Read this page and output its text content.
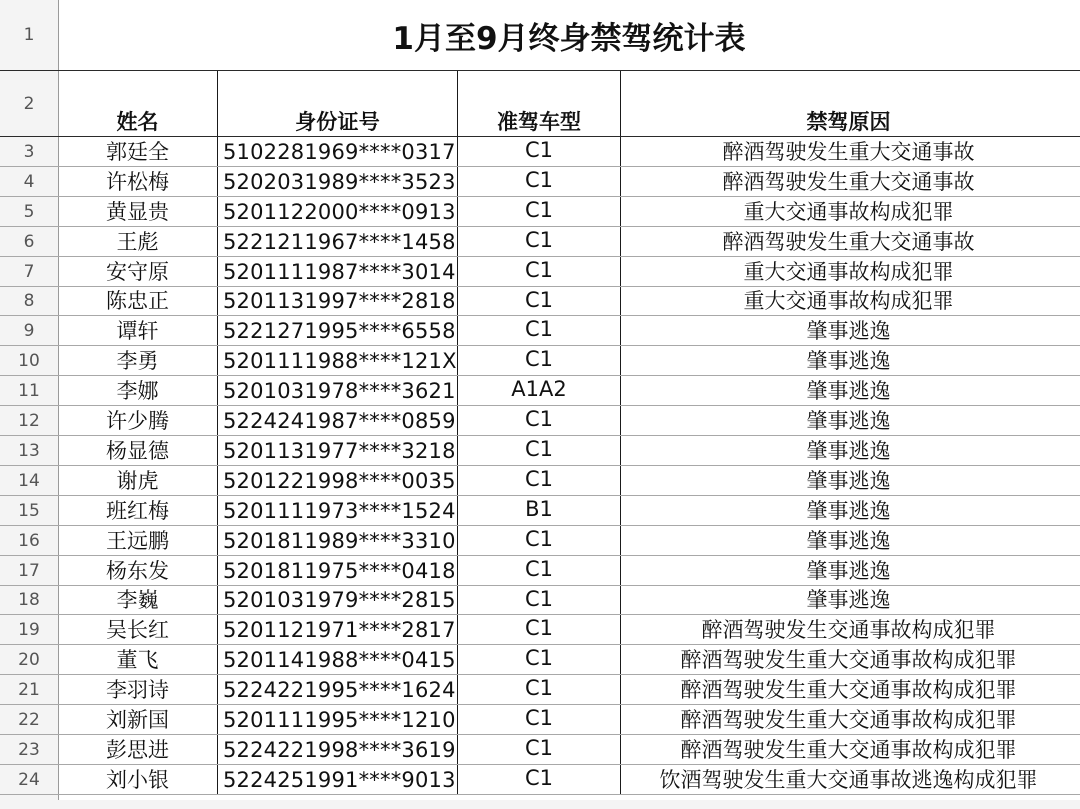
1	1月至9月终身禁驾统计表
2
姓名	身份证号	准驾车型	禁驾原因
3	郭廷全	5102281969****0317	C1	醉酒驾驶发生重大交通事故
4	许松梅	5202031989****3523	C1	醉酒驾驶发生重大交通事故
5	黄显贵	5201122000****0913	C1	重大交通事故构成犯罪
6	王彪	5221211967****1458	C1	醉酒驾驶发生重大交通事故
7	安守原	5201111987****3014	C1	重大交通事故构成犯罪
8	陈忠正	5201131997****2818	C1	重大交通事故构成犯罪
9	谭轩	5221271995****6558	C1	肇事逃逸
10	李勇	5201111988****121X	C1	肇事逃逸
11	李娜	5201031978****3621	A1A2	肇事逃逸
12	许少腾	5224241987****0859	C1	肇事逃逸
13	杨显德	5201131977****3218	C1	肇事逃逸
14	谢虎	5201221998****0035	C1	肇事逃逸
15	班红梅	5201111973****1524	B1	肇事逃逸
16	王远鹏	5201811989****3310	C1	肇事逃逸
17	杨东发	5201811975****0418	C1	肇事逃逸
18	李巍	5201031979****2815	C1	肇事逃逸
19	吴长红	5201121971****2817	C1	醉酒驾驶发生交通事故构成犯罪
20	董飞	5201141988****0415	C1	醉酒驾驶发生重大交通事故构成犯罪
21	李羽诗	5224221995****1624	C1	醉酒驾驶发生重大交通事故构成犯罪
22	刘新国	5201111995****1210	C1	醉酒驾驶发生重大交通事故构成犯罪
23	彭思进	5224221998****3619	C1	醉酒驾驶发生重大交通事故构成犯罪
24	刘小银	5224251991****9013	C1	饮酒驾驶发生重大交通事故逃逸构成犯罪
